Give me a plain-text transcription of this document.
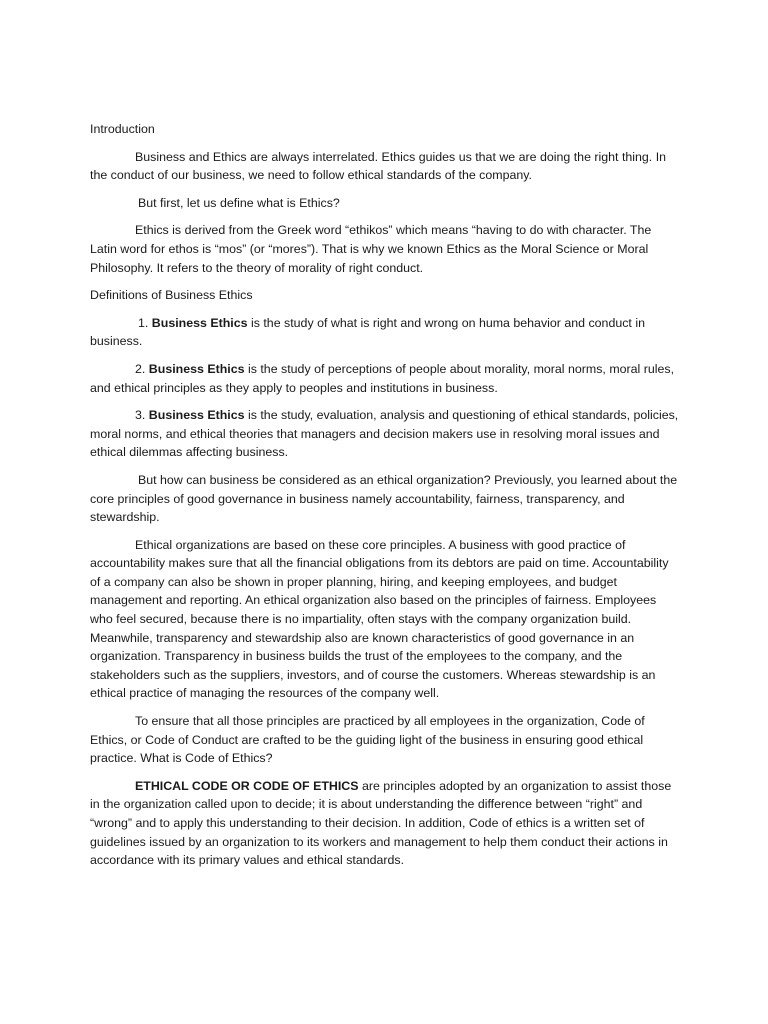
Introduction

Business and Ethics are always interrelated. Ethics guides us that we are doing the right thing. In the conduct of our business, we need to follow ethical standards of the company.

But first, let us define what is Ethics?

Ethics is derived from the Greek word “ethikos” which means “having to do with character. The Latin word for ethos is “mos” (or “mores”). That is why we known Ethics as the Moral Science or Moral Philosophy. It refers to the theory of morality of right conduct.

Definitions of Business Ethics

1. Business Ethics is the study of what is right and wrong on huma behavior and conduct in business.

2. Business Ethics is the study of perceptions of people about morality, moral norms, moral rules, and ethical principles as they apply to peoples and institutions in business.

3. Business Ethics is the study, evaluation, analysis and questioning of ethical standards, policies, moral norms, and ethical theories that managers and decision makers use in resolving moral issues and ethical dilemmas affecting business.

But how can business be considered as an ethical organization? Previously, you learned about the core principles of good governance in business namely accountability, fairness, transparency, and stewardship.

Ethical organizations are based on these core principles. A business with good practice of accountability makes sure that all the financial obligations from its debtors are paid on time. Accountability of a company can also be shown in proper planning, hiring, and keeping employees, and budget management and reporting. An ethical organization also based on the principles of fairness. Employees who feel secured, because there is no impartiality, often stays with the company organization build. Meanwhile, transparency and stewardship also are known characteristics of good governance in an organization. Transparency in business builds the trust of the employees to the company, and the stakeholders such as the suppliers, investors, and of course the customers. Whereas stewardship is an ethical practice of managing the resources of the company well.

To ensure that all those principles are practiced by all employees in the organization, Code of Ethics, or Code of Conduct are crafted to be the guiding light of the business in ensuring good ethical practice. What is Code of Ethics?

ETHICAL CODE OR CODE OF ETHICS are principles adopted by an organization to assist those in the organization called upon to decide; it is about understanding the difference between “right” and “wrong” and to apply this understanding to their decision. In addition, Code of ethics is a written set of guidelines issued by an organization to its workers and management to help them conduct their actions in accordance with its primary values and ethical standards.
